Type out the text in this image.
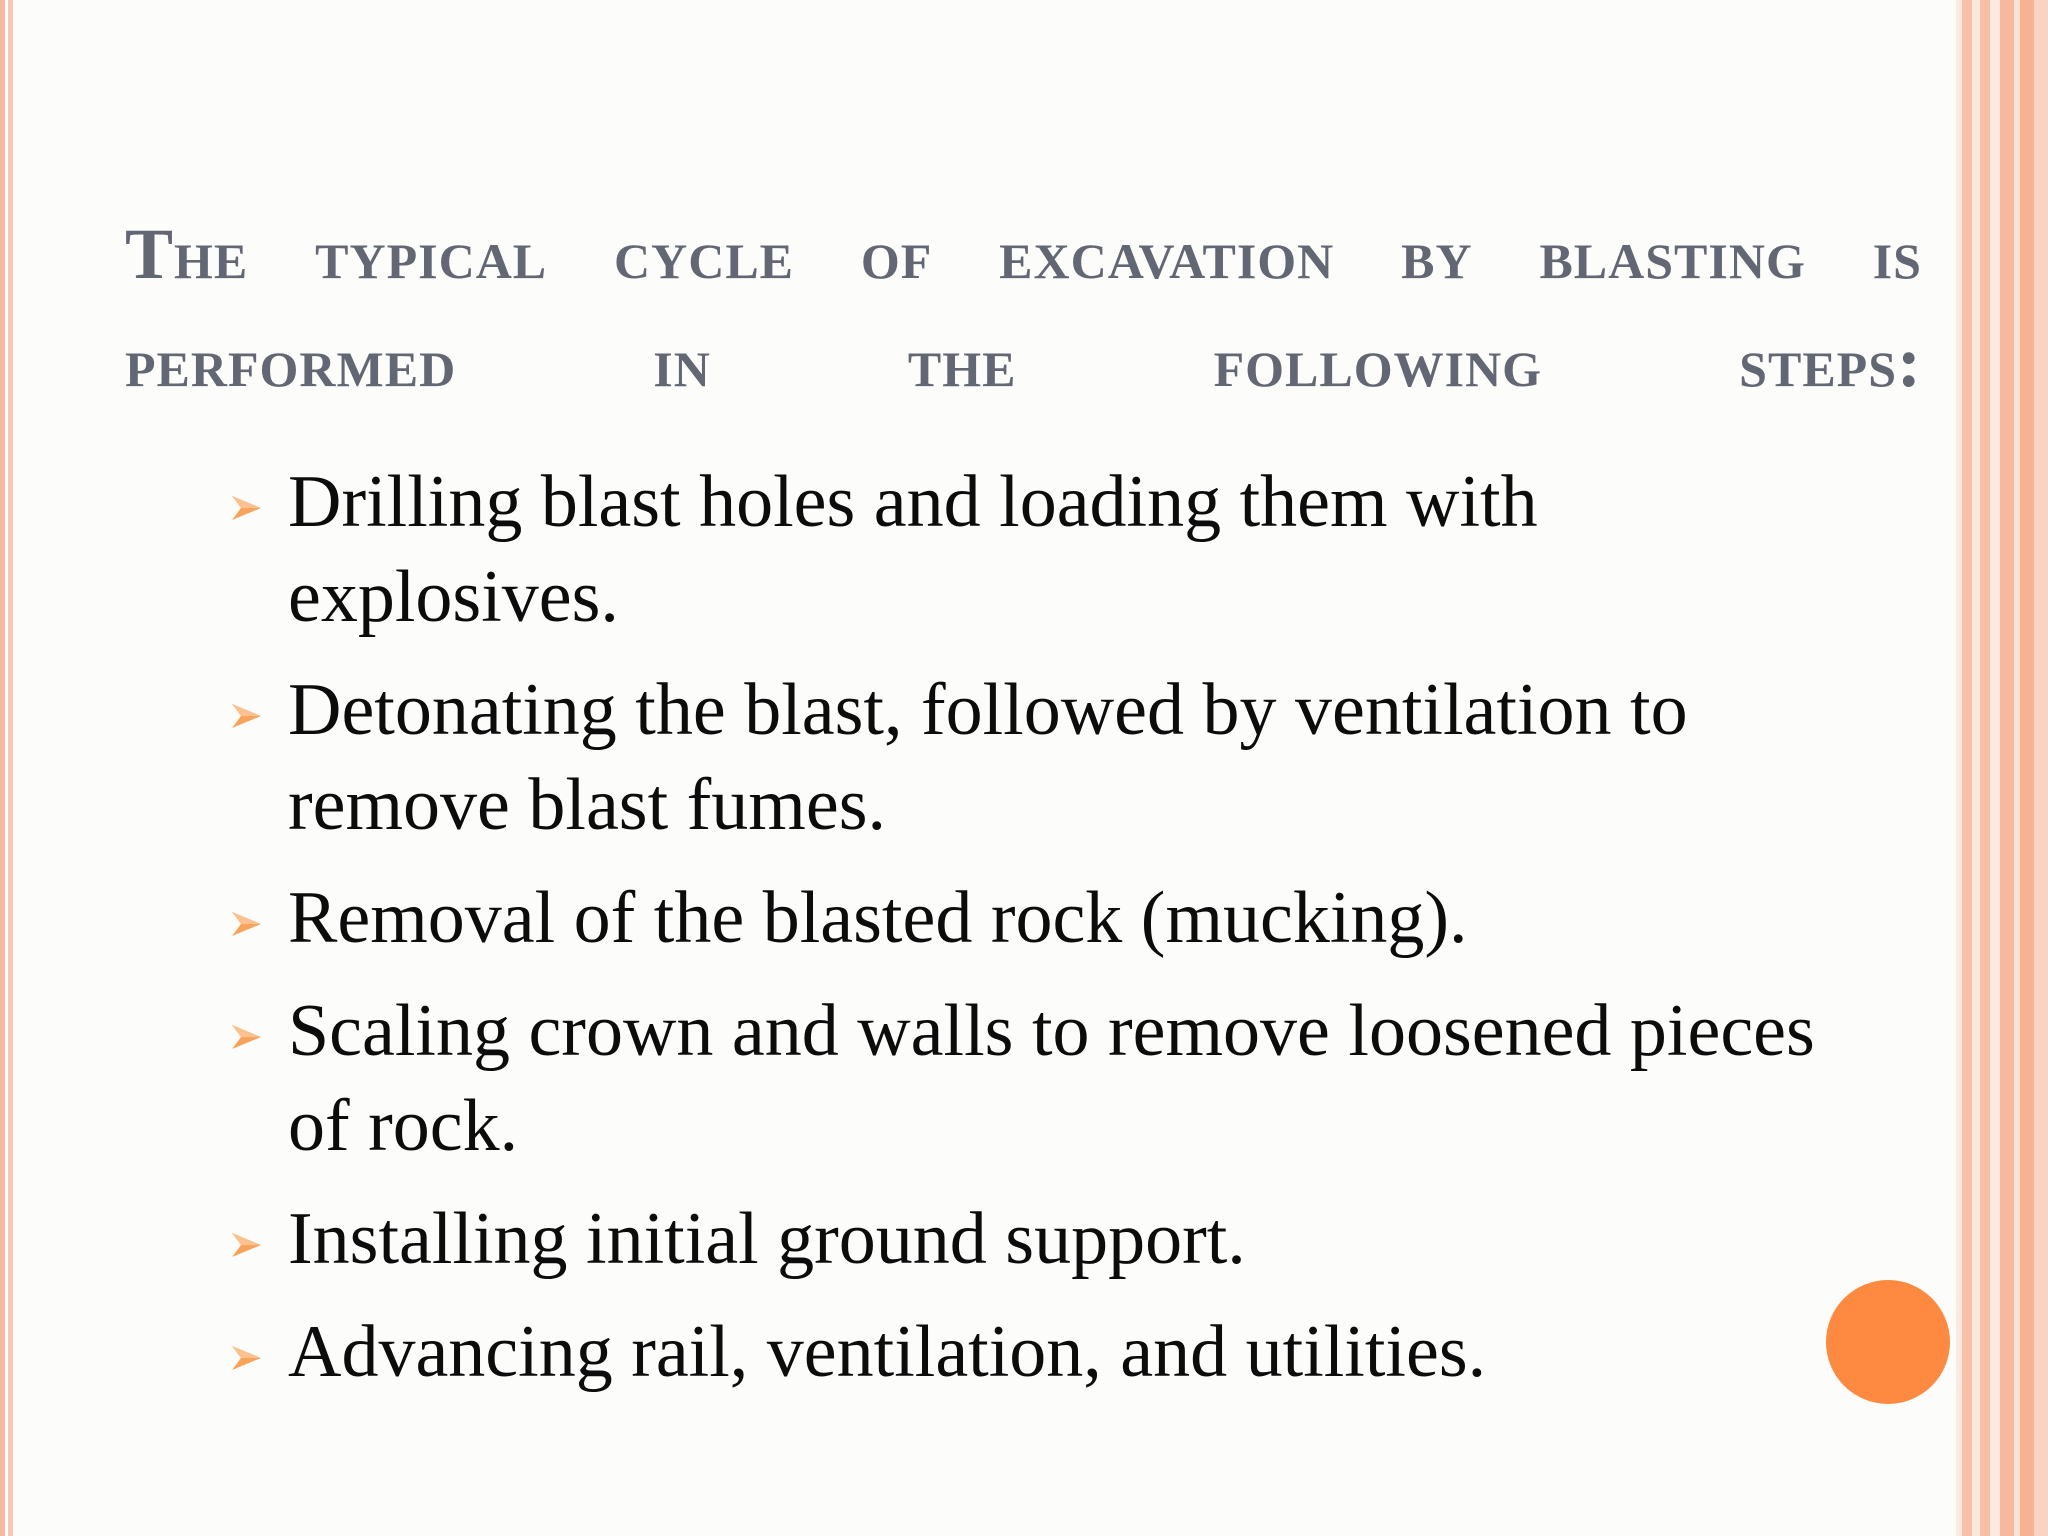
The typical cycle of excavation by blasting is performed in the following steps:
Drilling blast holes and loading them with explosives.
Detonating the blast, followed by ventilation to remove blast fumes.
Removal of the blasted rock (mucking).
Scaling crown and walls to remove loosened pieces of rock.
Installing initial ground support.
Advancing rail, ventilation, and utilities.
